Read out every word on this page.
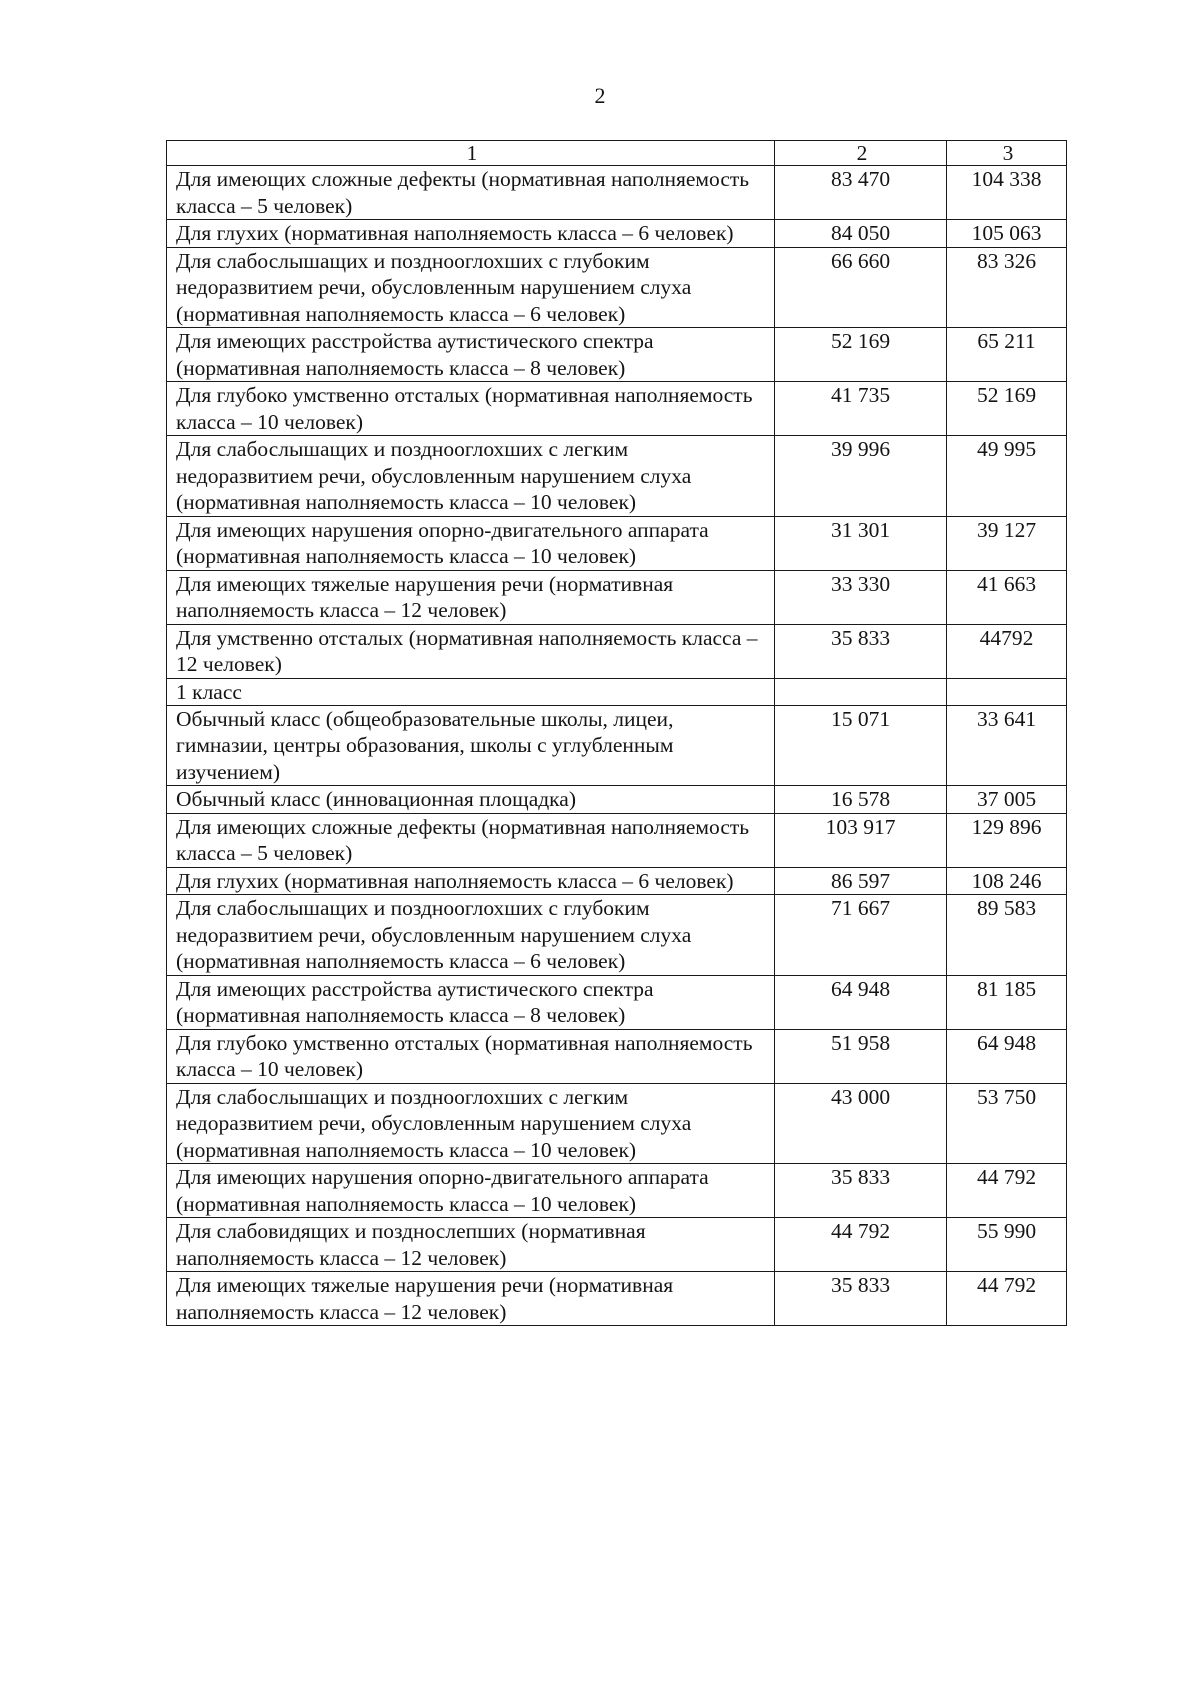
2
1	2	3
Для имеющих сложные дефекты (нормативная наполняемость класса – 5 человек)	83 470	104 338
Для глухих (нормативная наполняемость класса – 6 человек)	84 050	105 063
Для слабослышащих и позднооглохших с глубоким недоразвитием речи, обусловленным нарушением слуха (нормативная наполняемость класса – 6 человек)	66 660	83 326
Для имеющих расстройства аутистического спектра (нормативная наполняемость класса – 8 человек)	52 169	65 211
Для глубоко умственно отсталых (нормативная наполняемость класса – 10 человек)	41 735	52 169
Для слабослышащих и позднооглохших с легким недоразвитием речи, обусловленным нарушением слуха (нормативная наполняемость класса – 10 человек)	39 996	49 995
Для имеющих нарушения опорно-двигательного аппарата (нормативная наполняемость класса – 10 человек)	31 301	39 127
Для имеющих тяжелые нарушения речи (нормативная наполняемость класса – 12 человек)	33 330	41 663
Для умственно отсталых (нормативная наполняемость класса – 12 человек)	35 833	44792
1 класс		
Обычный класс (общеобразовательные школы, лицеи, гимназии, центры образования, школы с углубленным изучением)	15 071	33 641
Обычный класс (инновационная площадка)	16 578	37 005
Для имеющих сложные дефекты (нормативная наполняемость класса – 5 человек)	103 917	129 896
Для глухих (нормативная наполняемость класса – 6 человек)	86 597	108 246
Для слабослышащих и позднооглохших с глубоким недоразвитием речи, обусловленным нарушением слуха (нормативная наполняемость класса – 6 человек)	71 667	89 583
Для имеющих расстройства аутистического спектра (нормативная наполняемость класса – 8 человек)	64 948	81 185
Для глубоко умственно отсталых (нормативная наполняемость класса – 10 человек)	51 958	64 948
Для слабослышащих и позднооглохших с легким недоразвитием речи, обусловленным нарушением слуха (нормативная наполняемость класса – 10 человек)	43 000	53 750
Для имеющих нарушения опорно-двигательного аппарата (нормативная наполняемость класса – 10 человек)	35 833	44 792
Для слабовидящих и позднослепших (нормативная наполняемость класса – 12 человек)	44 792	55 990
Для имеющих тяжелые нарушения речи (нормативная наполняемость класса – 12 человек)	35 833	44 792
